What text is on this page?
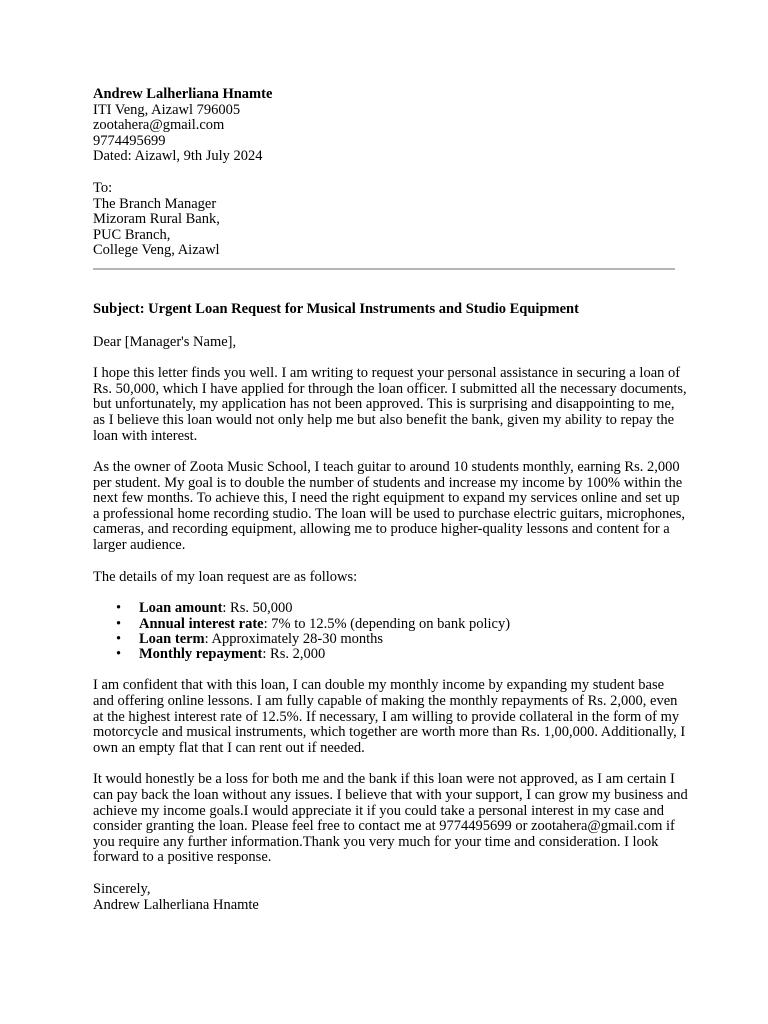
Andrew Lalherliana Hnamte
ITI Veng, Aizawl 796005
zootahera@gmail.com
9774495699
Dated: Aizawl, 9th July 2024
To:
The Branch Manager
Mizoram Rural Bank,
PUC Branch,
College Veng, Aizawl
Subject: Urgent Loan Request for Musical Instruments and Studio Equipment
Dear [Manager's Name],
I hope this letter finds you well. I am writing to request your personal assistance in securing a loan of
Rs. 50,000, which I have applied for through the loan officer. I submitted all the necessary documents,
but unfortunately, my application has not been approved. This is surprising and disappointing to me,
as I believe this loan would not only help me but also benefit the bank, given my ability to repay the
loan with interest.
As the owner of Zoota Music School, I teach guitar to around 10 students monthly, earning Rs. 2,000
per student. My goal is to double the number of students and increase my income by 100% within the
next few months. To achieve this, I need the right equipment to expand my services online and set up
a professional home recording studio. The loan will be used to purchase electric guitars, microphones,
cameras, and recording equipment, allowing me to produce higher-quality lessons and content for a
larger audience.
The details of my loan request are as follows:
• Loan amount: Rs. 50,000
• Annual interest rate: 7% to 12.5% (depending on bank policy)
• Loan term: Approximately 28-30 months
• Monthly repayment: Rs. 2,000
I am confident that with this loan, I can double my monthly income by expanding my student base
and offering online lessons. I am fully capable of making the monthly repayments of Rs. 2,000, even
at the highest interest rate of 12.5%. If necessary, I am willing to provide collateral in the form of my
motorcycle and musical instruments, which together are worth more than Rs. 1,00,000. Additionally, I
own an empty flat that I can rent out if needed.
It would honestly be a loss for both me and the bank if this loan were not approved, as I am certain I
can pay back the loan without any issues. I believe that with your support, I can grow my business and
achieve my income goals.I would appreciate it if you could take a personal interest in my case and
consider granting the loan. Please feel free to contact me at 9774495699 or zootahera@gmail.com if
you require any further information.Thank you very much for your time and consideration. I look
forward to a positive response.
Sincerely,
Andrew Lalherliana Hnamte
